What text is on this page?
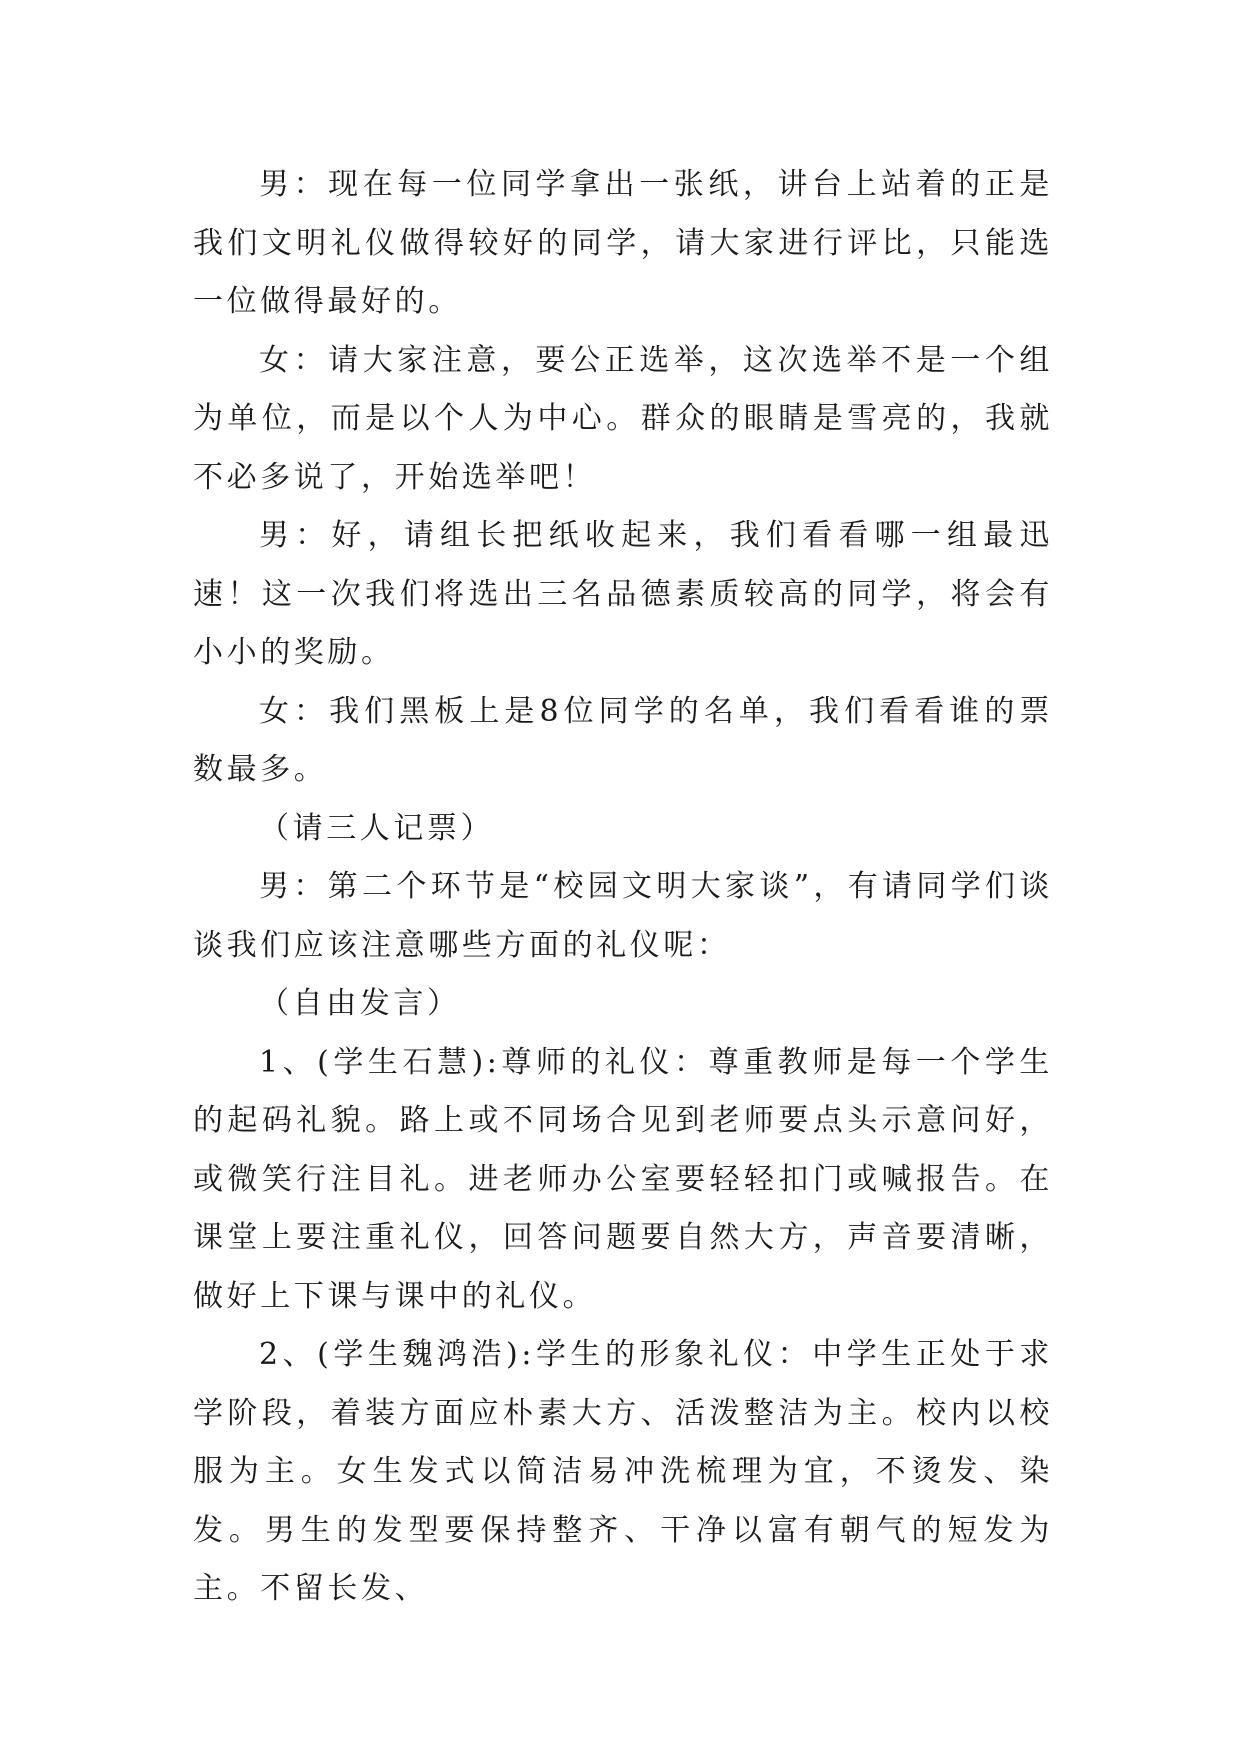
男：现在每一位同学拿出一张纸，讲台上站着的正是我们文明礼仪做得较好的同学，请大家进行评比，只能选一位做得最好的。

女：请大家注意，要公正选举，这次选举不是一个组为单位，而是以个人为中心。群众的眼睛是雪亮的，我就不必多说了，开始选举吧！

男：好，请组长把纸收起来，我们看看哪一组最迅速！这一次我们将选出三名品德素质较高的同学，将会有小小的奖励。

女：我们黑板上是8位同学的名单，我们看看谁的票数最多。

（请三人记票）

男：第二个环节是“校园文明大家谈”，有请同学们谈谈我们应该注意哪些方面的礼仪呢：

（自由发言）

1、(学生石慧):尊师的礼仪：尊重教师是每一个学生的起码礼貌。路上或不同场合见到老师要点头示意问好，或微笑行注目礼。进老师办公室要轻轻扣门或喊报告。在课堂上要注重礼仪，回答问题要自然大方，声音要清晰，做好上下课与课中的礼仪。

2、(学生魏鸿浩):学生的形象礼仪：中学生正处于求学阶段，着装方面应朴素大方、活泼整洁为主。校内以校服为主。女生发式以简洁易冲洗梳理为宜，不烫发、染发。男生的发型要保持整齐、干净以富有朝气的短发为主。不留长发、
